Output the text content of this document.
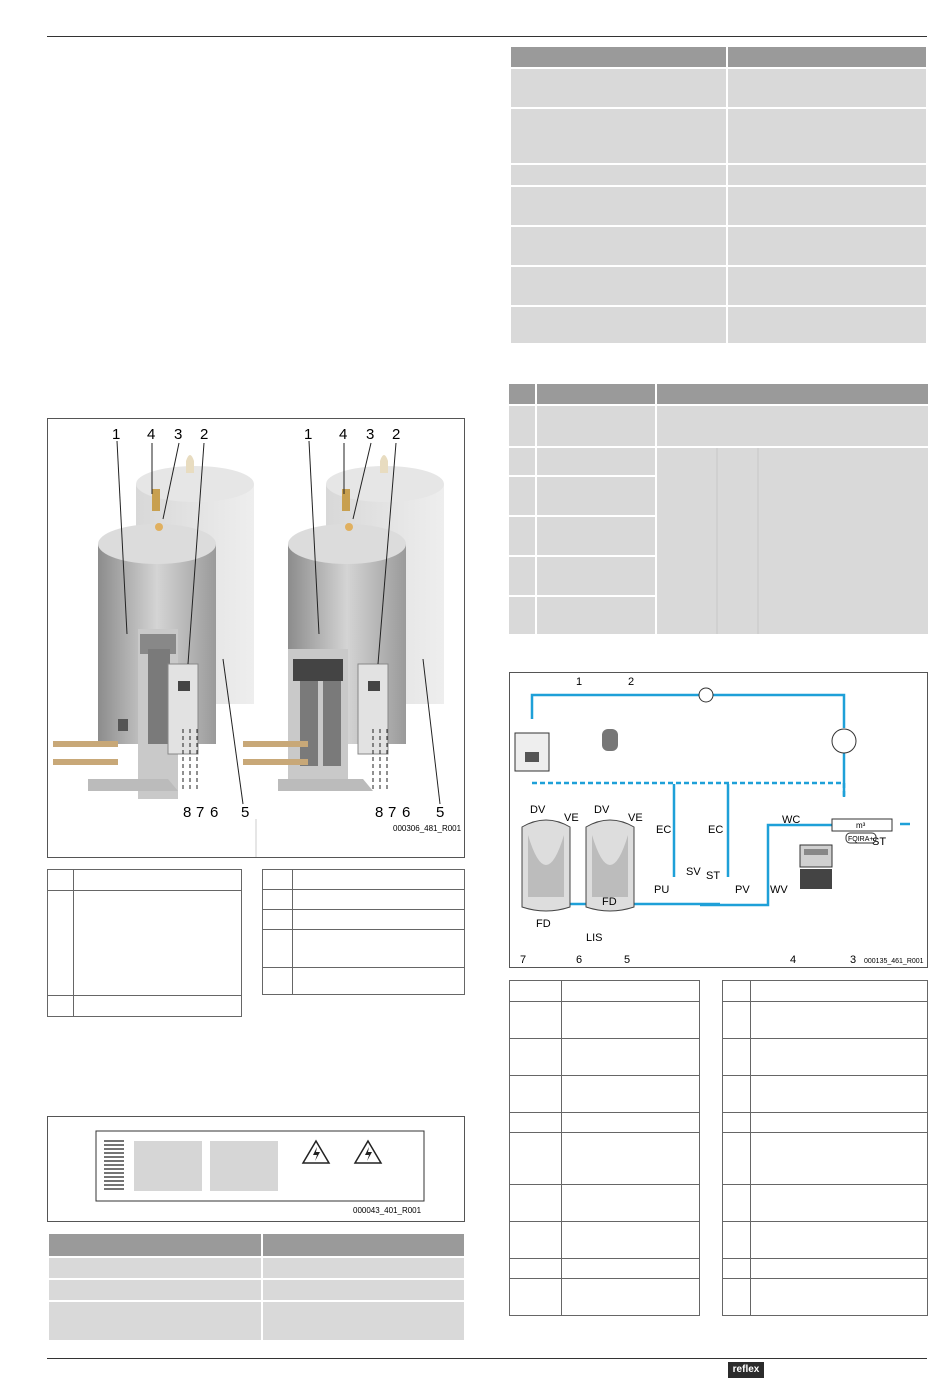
1 4 3 2	1 4 3 2
8 7 6 5	8 7 6 5
000306_481_R001

000043_401_R001

1	2
DV
VE
DV
VE
EC	EC
SV ST
PU	PV WV
WC
FD
FD
LIS
ST
7	6	5	4	3
m³
FQIRA+
000135_461_R001

reflex
